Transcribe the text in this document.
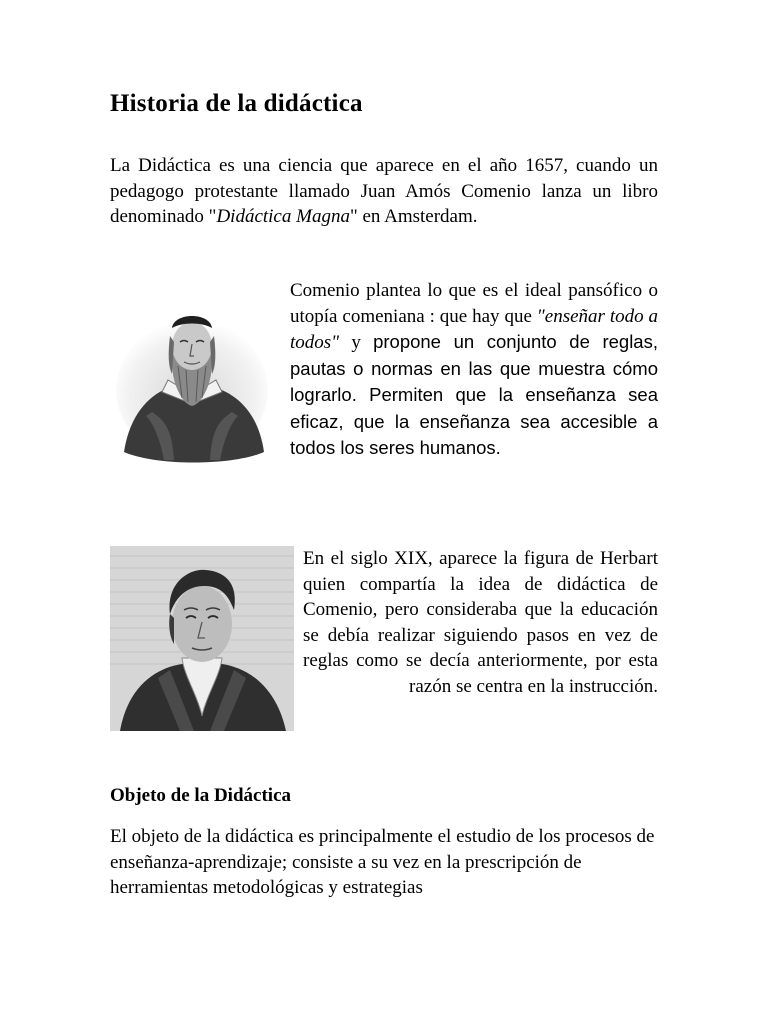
Historia de la didáctica

La Didáctica es una ciencia que aparece en el año 1657, cuando un pedagogo protestante llamado Juan Amós Comenio lanza un libro denominado "Didáctica Magna" en Amsterdam.

Comenio plantea lo que es el ideal pansófico o utopía comeniana : que hay que "enseñar todo a todos" y propone un conjunto de reglas, pautas o normas en las que muestra cómo lograrlo. Permiten que la enseñanza sea eficaz, que la enseñanza sea accesible a todos los seres humanos.

En el siglo XIX, aparece la figura de Herbart quien compartía la idea de didáctica de Comenio, pero consideraba que la educación se debía realizar siguiendo pasos en vez de reglas como se decía anteriormente, por esta razón se centra en la instrucción.

Objeto de la Didáctica

El objeto de la didáctica es principalmente el estudio de los procesos de enseñanza-aprendizaje; consiste a su vez en la prescripción de herramientas metodológicas y estrategias
